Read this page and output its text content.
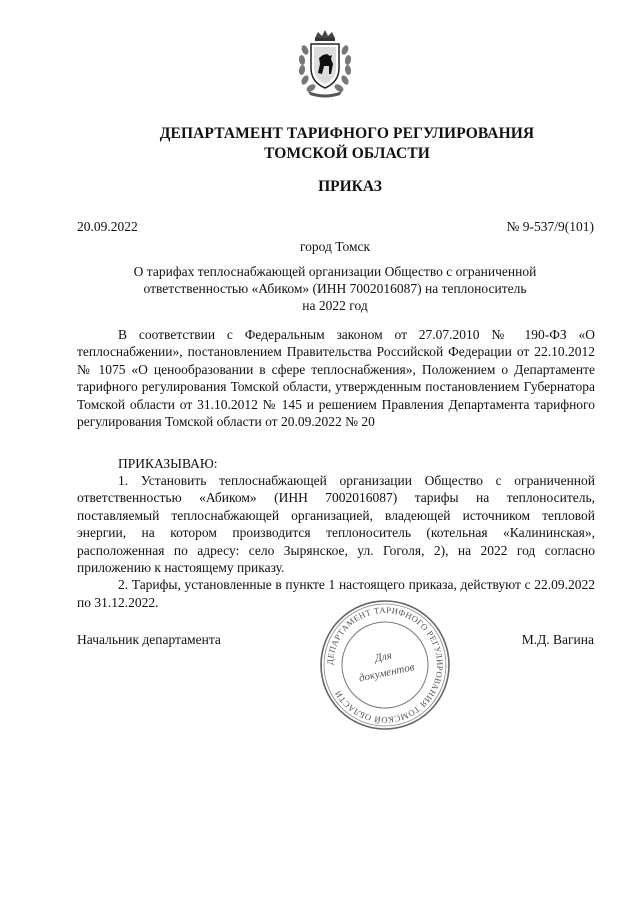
ДЕПАРТАМЕНТ ТАРИФНОГО РЕГУЛИРОВАНИЯ
ТОМСКОЙ ОБЛАСТИ
ПРИКАЗ
20.09.2022	№ 9-537/9(101)
город Томск
О тарифах теплоснабжающей организации Общество с ограниченной
ответственностью «Абиком» (ИНН 7002016087) на теплоноситель
на 2022 год

В соответствии с Федеральным законом от 27.07.2010 № 190-ФЗ «О теплоснабжении», постановлением Правительства Российской Федерации от 22.10.2012 № 1075 «О ценообразовании в сфере теплоснабжения», Положением о Департаменте тарифного регулирования Томской области, утвержденным постановлением Губернатора Томской области от 31.10.2012 № 145 и решением Правления Департамента тарифного регулирования Томской области от 20.09.2022 № 20

ПРИКАЗЫВАЮ:

1. Установить теплоснабжающей организации Общество с ограниченной ответственностью «Абиком» (ИНН 7002016087) тарифы на теплоноситель, поставляемый теплоснабжающей организацией, владеющей источником тепловой энергии, на котором производится теплоноситель (котельная «Калининская», расположенная по адресу: село Зырянское, ул. Гоголя, 2), на 2022 год согласно приложению к настоящему приказу.

2. Тарифы, установленные в пункте 1 настоящего приказа, действуют с 22.09.2022 по 31.12.2022.

Начальник департамента	М.Д. Вагина
ДЕПАРТАМЕНТ ТАРИФНОГО РЕГУЛИРОВАНИЯ ТОМСКОЙ ОБЛАСТИ
Для
документов
